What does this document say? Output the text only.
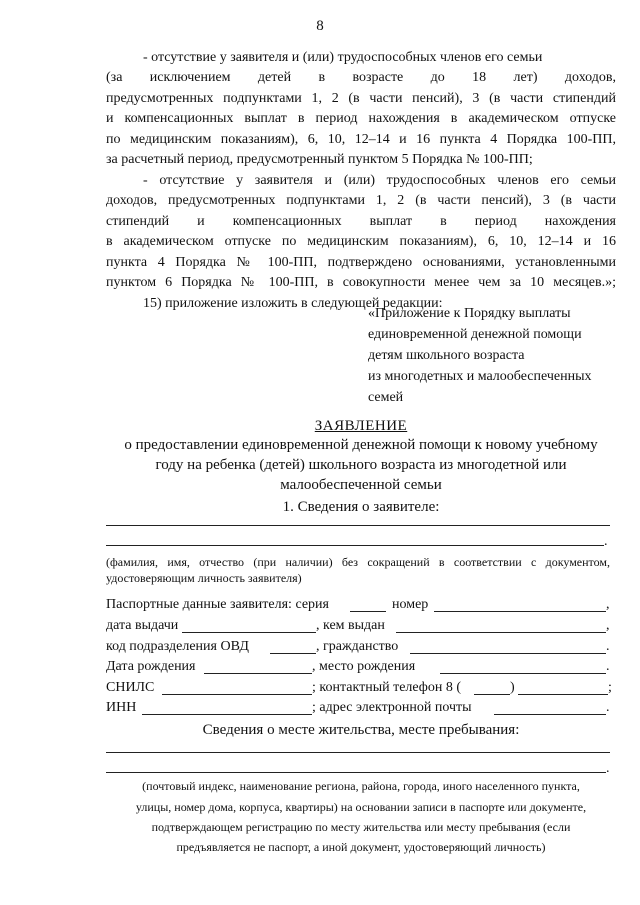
8
- отсутствие у заявителя и (или) трудоспособных членов его семьи
(за исключением детей в возрасте до 18 лет) доходов,
предусмотренных подпунктами 1, 2 (в части пенсий), 3 (в части стипендий
и компенсационных выплат в период нахождения в академическом отпуске
по медицинским показаниям), 6, 10, 12–14 и 16 пункта 4 Порядка 100-ПП,
за расчетный период, предусмотренный пунктом 5 Порядка № 100-ПП;
- отсутствие у заявителя и (или) трудоспособных членов его семьи
доходов, предусмотренных подпунктами 1, 2 (в части пенсий), 3 (в части
стипендий и компенсационных выплат в период нахождения
в академическом отпуске по медицинским показаниям), 6, 10, 12–14 и 16
пункта 4 Порядка № 100-ПП, подтверждено основаниями, установленными
пунктом 6 Порядка № 100-ПП, в совокупности менее чем за 10 месяцев.»;
15) приложение изложить в следующей редакции:
«Приложение к Порядку выплаты
единовременной денежной помощи
детям школьного возраста
из многодетных и малообеспеченных
семей
ЗАЯВЛЕНИЕ
о предоставлении единовременной денежной помощи к новому учебному
году на ребенка (детей) школьного возраста из многодетной или
малообеспеченной семьи
1. Сведения о заявителе:
.
(фамилия, имя, отчество (при наличии) без сокращений в соответствии с документом,
удостоверяющим личность заявителя)
Паспортные данные заявителя: серия	номер	,
дата выдачи	, кем выдан	,
код подразделения ОВД	, гражданство	.
Дата рождения	, место рождения	.
СНИЛС	; контактный телефон 8 (	)	;
ИНН	; адрес электронной почты	.
Сведения о месте жительства, месте пребывания:
.
(почтовый индекс, наименование региона, района, города, иного населенного пункта,
улицы, номер дома, корпуса, квартиры) на основании записи в паспорте или документе,
подтверждающем регистрацию по месту жительства или месту пребывания (если
предъявляется не паспорт, а иной документ, удостоверяющий личность)
